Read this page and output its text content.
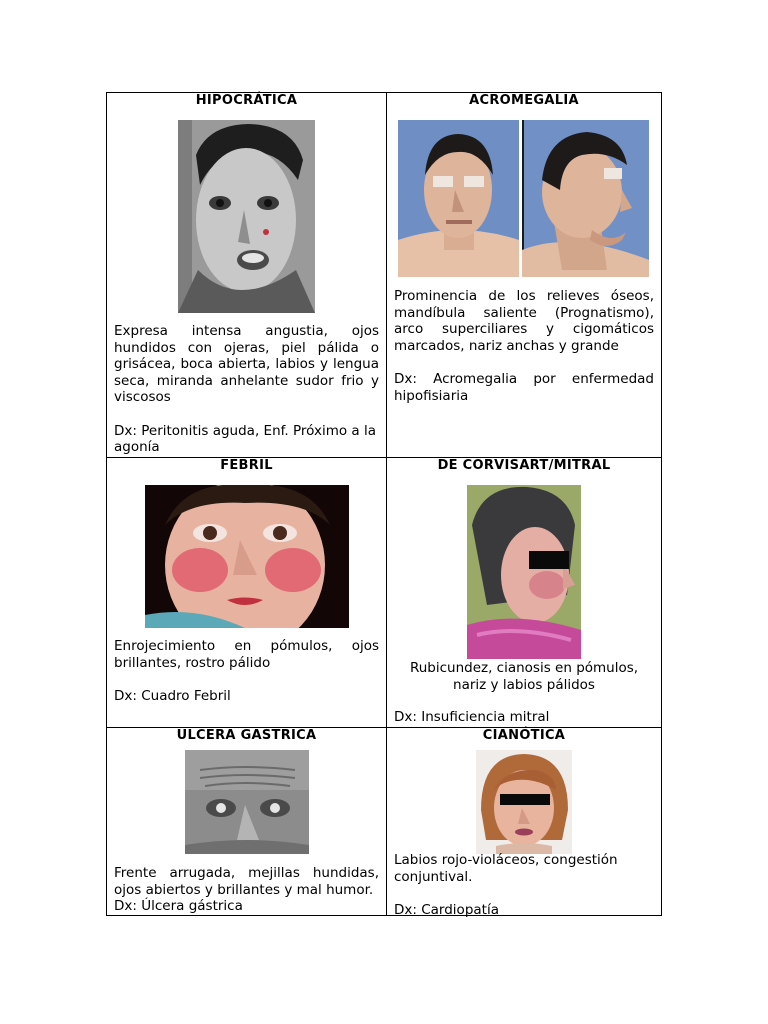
HIPOCRÁTICA

Expresa intensa angustia, ojos hundidos con ojeras, piel pálida o grisácea, boca abierta, labios y lengua seca, miranda anhelante sudor frio y viscosos

Dx: Peritonitis aguda, Enf. Próximo a la agonía

ACROMEGALIA

Prominencia de los relieves óseos, mandíbula saliente (Prognatismo), arco superciliares y cigomáticos marcados, nariz anchas y grande

Dx: Acromegalia por enfermedad hipofisiaria

FEBRIL

Enrojecimiento en pómulos, ojos brillantes, rostro pálido

Dx: Cuadro Febril

DE CORVISART/MITRAL

Rubicundez, cianosis en pómulos, nariz y labios pálidos

Dx: Insuficiencia mitral

ULCERA GASTRICA

Frente arrugada, mejillas hundidas, ojos abiertos y brillantes y mal humor.

Dx: Úlcera gástrica

CIANÓTICA

Labios rojo-violáceos, congestión conjuntival.

Dx: Cardiopatía
